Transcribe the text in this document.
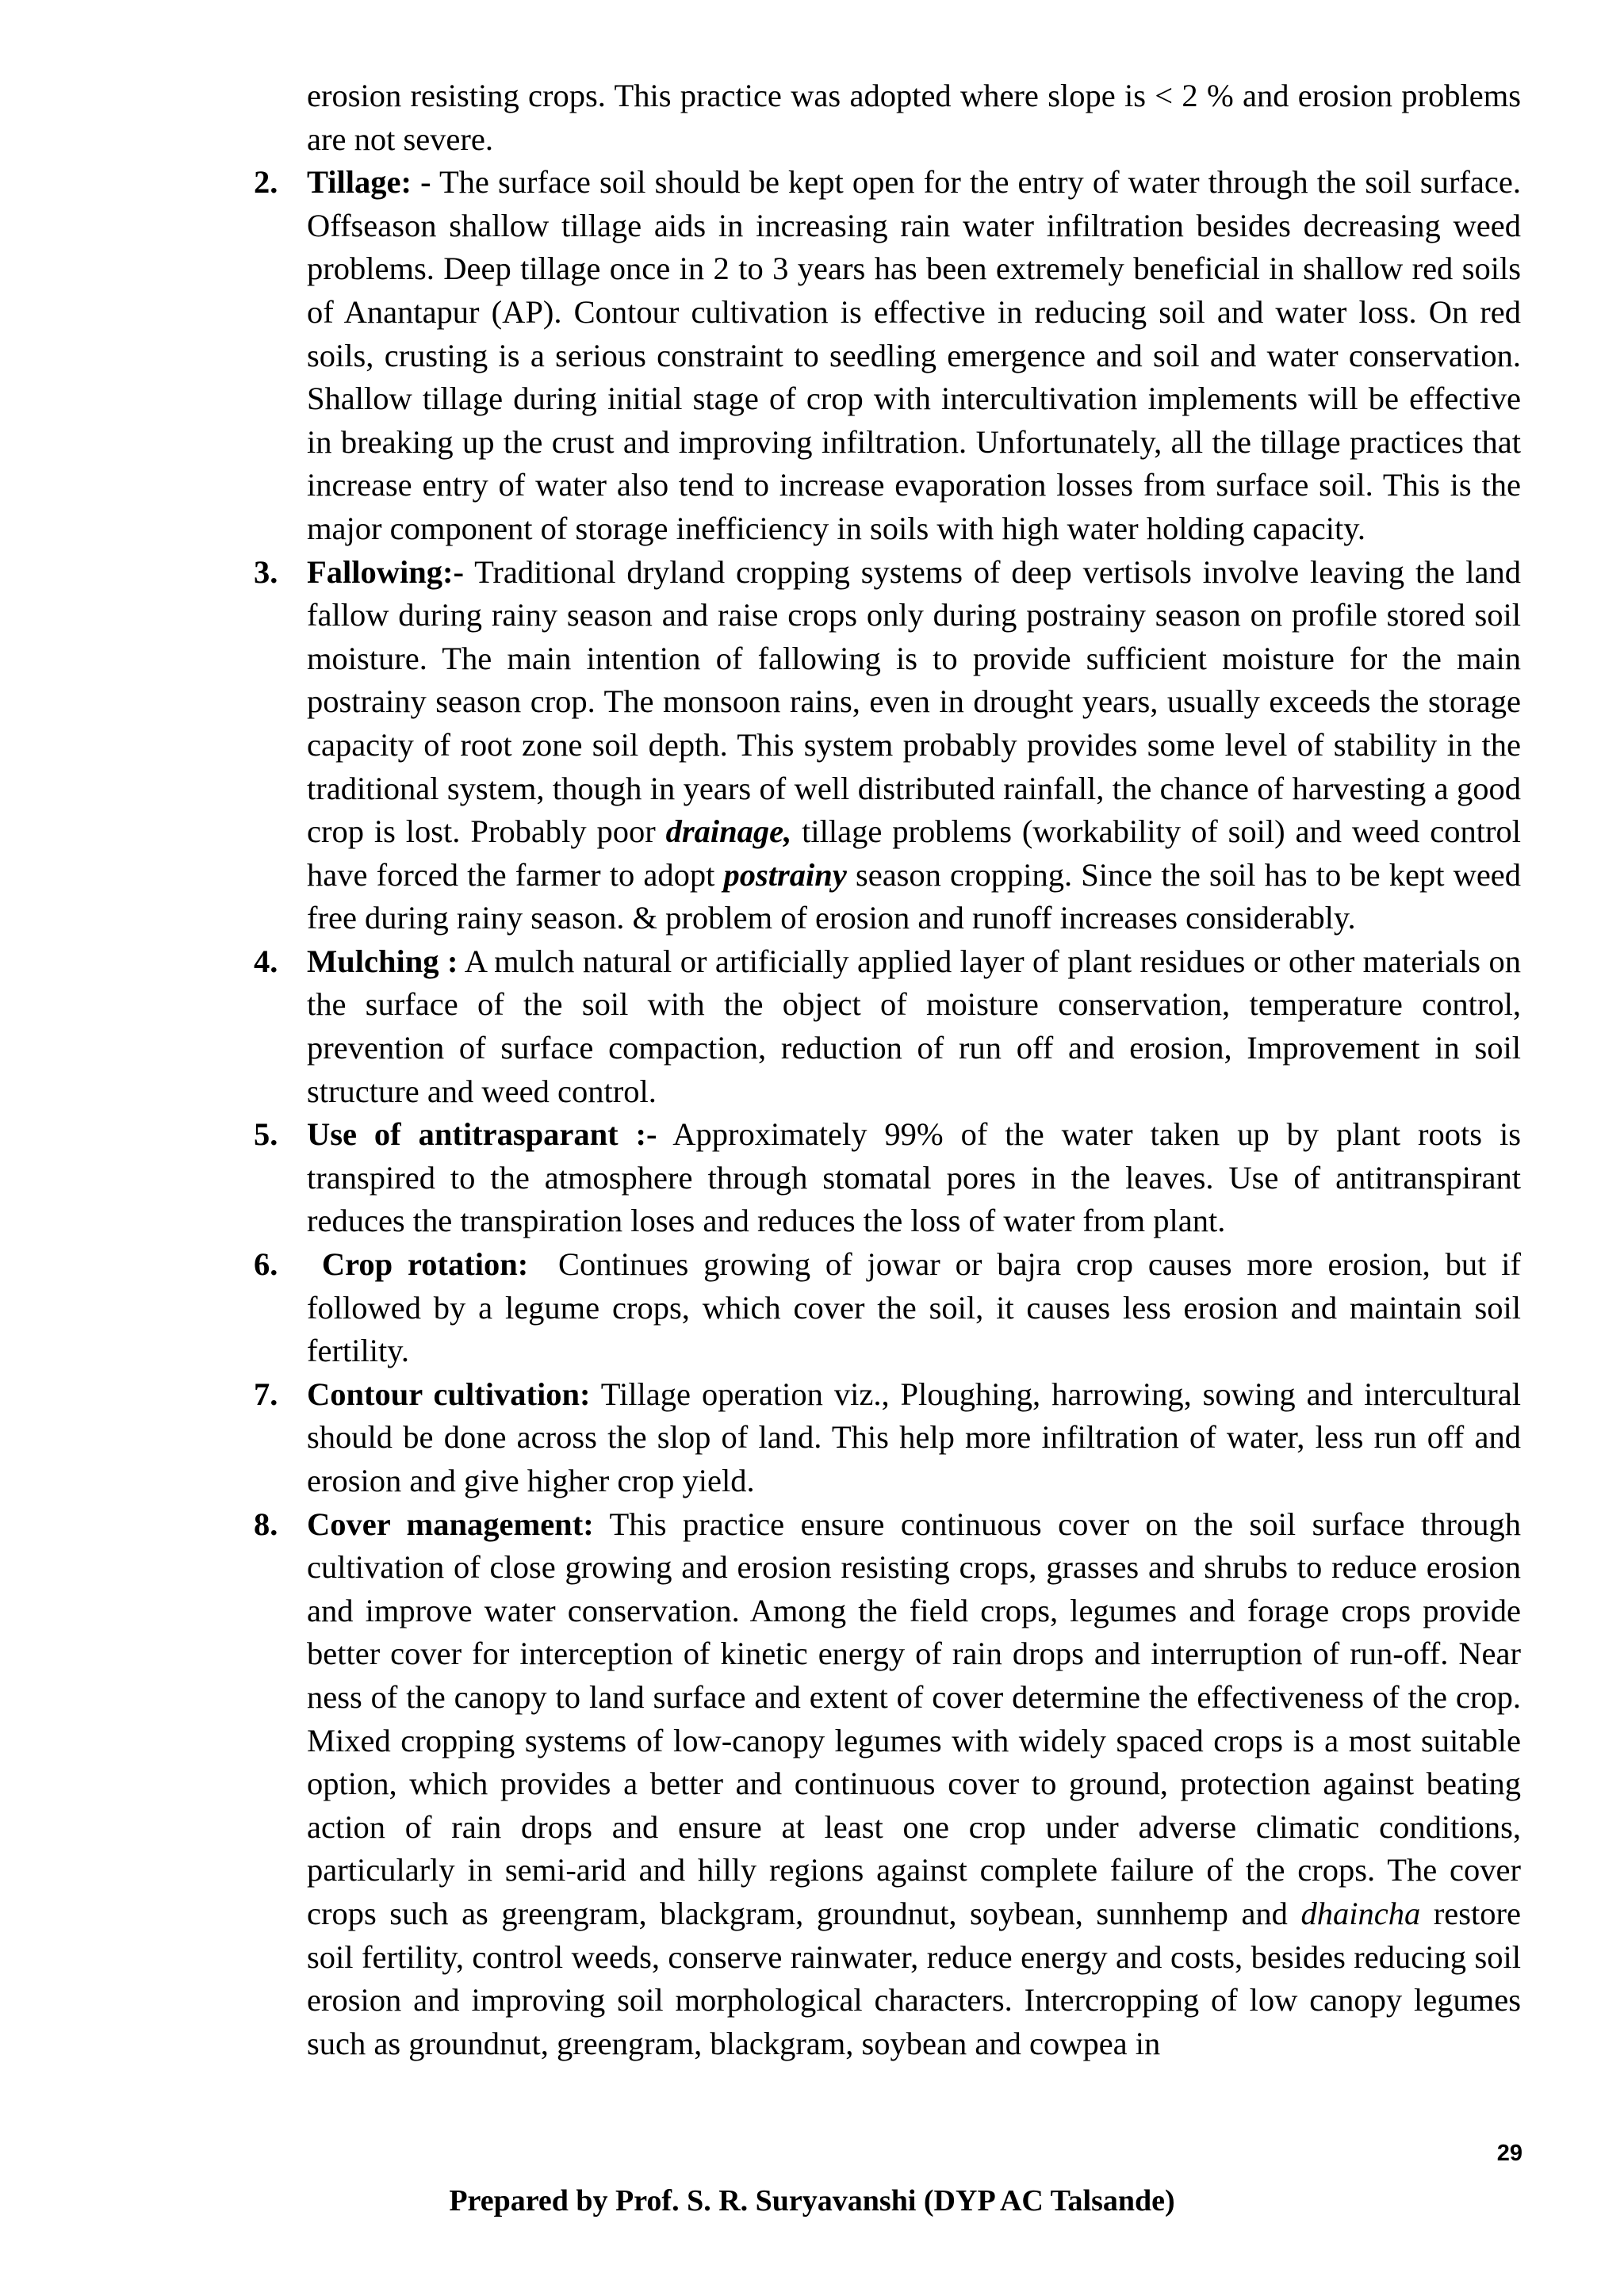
erosion resisting crops. This practice was adopted where slope is < 2 % and erosion problems are not severe.

2. Tillage: - The surface soil should be kept open for the entry of water through the soil surface. Offseason shallow tillage aids in increasing rain water infiltration besides decreasing weed problems. Deep tillage once in 2 to 3 years has been extremely beneficial in shallow red soils of Anantapur (AP). Contour cultivation is effective in reducing soil and water loss. On red soils, crusting is a serious constraint to seedling emergence and soil and water conservation. Shallow tillage during initial stage of crop with intercultivation implements will be effective in breaking up the crust and improving infiltration. Unfortunately, all the tillage practices that increase entry of water also tend to increase evaporation losses from surface soil. This is the major component of storage inefficiency in soils with high water holding capacity.
3. Fallowing:- Traditional dryland cropping systems of deep vertisols involve leaving the land fallow during rainy season and raise crops only during postrainy season on profile stored soil moisture. The main intention of fallowing is to provide sufficient moisture for the main postrainy season crop. The monsoon rains, even in drought years, usually exceeds the storage capacity of root zone soil depth. This system probably provides some level of stability in the traditional system, though in years of well distributed rainfall, the chance of harvesting a good crop is lost. Probably poor drainage, tillage problems (workability of soil) and weed control have forced the farmer to adopt postrainy season cropping. Since the soil has to be kept weed free during rainy season. & problem of erosion and runoff increases considerably.
4. Mulching : A mulch natural or artificially applied layer of plant residues or other materials on the surface of the soil with the object of moisture conservation, temperature control, prevention of surface compaction, reduction of run off and erosion, Improvement in soil structure and weed control.
5. Use of antitrasparant :- Approximately 99% of the water taken up by plant roots is transpired to the atmosphere through stomatal pores in the leaves. Use of antitranspirant reduces the transpiration loses and reduces the loss of water from plant.
6. Crop rotation: Continues growing of jowar or bajra crop causes more erosion, but if followed by a legume crops, which cover the soil, it causes less erosion and maintain soil fertility.
7. Contour cultivation: Tillage operation viz., Ploughing, harrowing, sowing and intercultural should be done across the slop of land. This help more infiltration of water, less run off and erosion and give higher crop yield.
8. Cover management: This practice ensure continuous cover on the soil surface through cultivation of close growing and erosion resisting crops, grasses and shrubs to reduce erosion and improve water conservation. Among the field crops, legumes and forage crops provide better cover for interception of kinetic energy of rain drops and interruption of run-off. Near ness of the canopy to land surface and extent of cover determine the effectiveness of the crop. Mixed cropping systems of low-canopy legumes with widely spaced crops is a most suitable option, which provides a better and continuous cover to ground, protection against beating action of rain drops and ensure at least one crop under adverse climatic conditions, particularly in semi-arid and hilly regions against complete failure of the crops. The cover crops such as greengram, blackgram, groundnut, soybean, sunnhemp and dhaincha restore soil fertility, control weeds, conserve rainwater, reduce energy and costs, besides reducing soil erosion and improving soil morphological characters. Intercropping of low canopy legumes such as groundnut, greengram, blackgram, soybean and cowpea in
29
Prepared by Prof. S. R. Suryavanshi (DYP AC Talsande)
